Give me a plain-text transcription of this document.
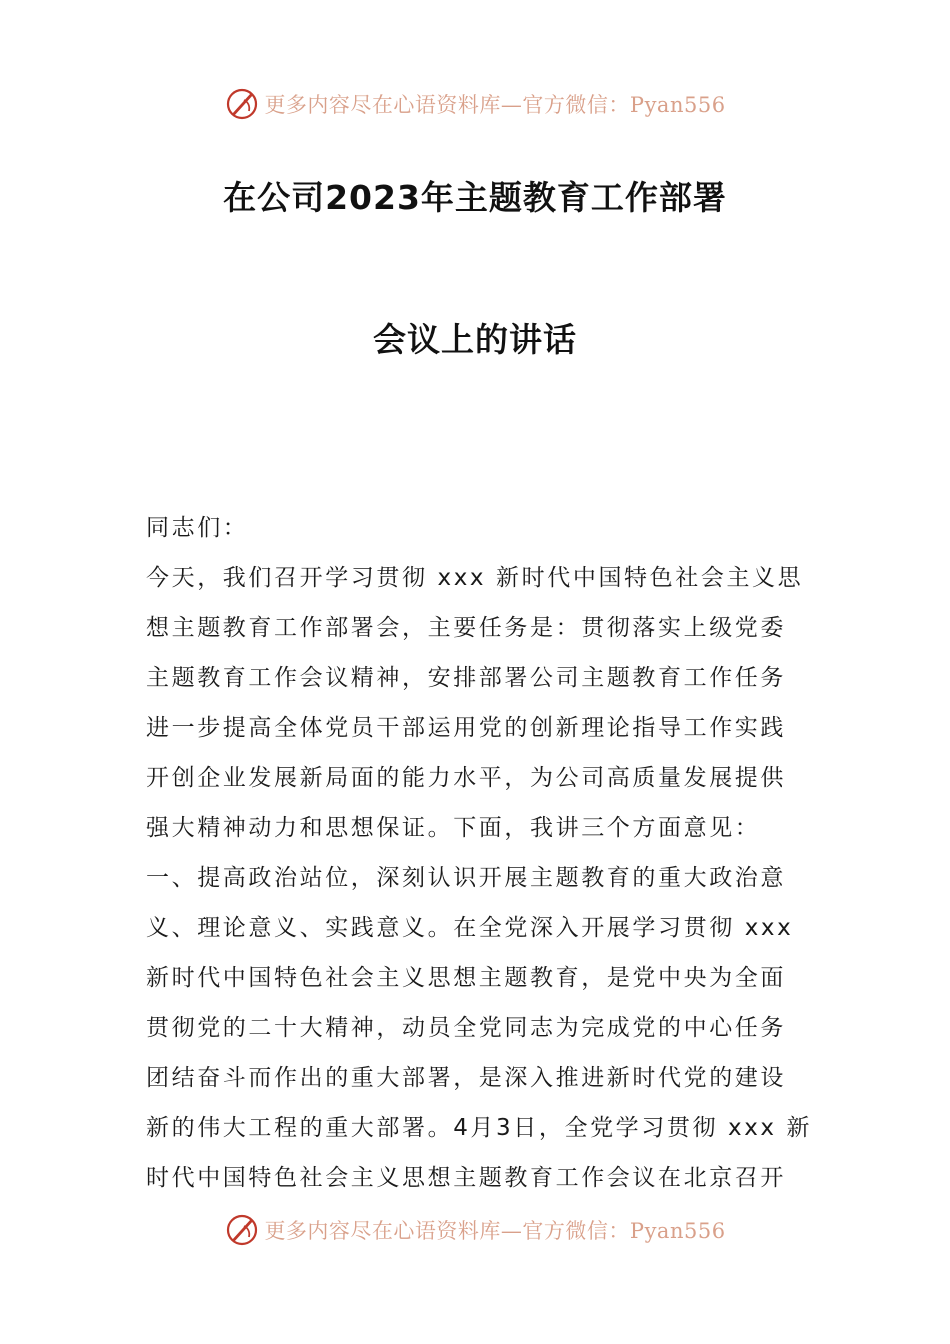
更多内容尽在心语资料库—官方微信：Pyan556
在公司2023年主题教育工作部署
会议上的讲话
同志们：
今天，我们召开学习贯彻 xxx 新时代中国特色社会主义思
想主题教育工作部署会，主要任务是：贯彻落实上级党委
主题教育工作会议精神，安排部署公司主题教育工作任务
进一步提高全体党员干部运用党的创新理论指导工作实践
开创企业发展新局面的能力水平，为公司高质量发展提供
强大精神动力和思想保证。下面，我讲三个方面意见：
一、提高政治站位，深刻认识开展主题教育的重大政治意
义、理论意义、实践意义。在全党深入开展学习贯彻 xxx
新时代中国特色社会主义思想主题教育，是党中央为全面
贯彻党的二十大精神，动员全党同志为完成党的中心任务
团结奋斗而作出的重大部署，是深入推进新时代党的建设
新的伟大工程的重大部署。4月3日，全党学习贯彻 xxx 新
时代中国特色社会主义思想主题教育工作会议在北京召开
更多内容尽在心语资料库—官方微信：Pyan556
